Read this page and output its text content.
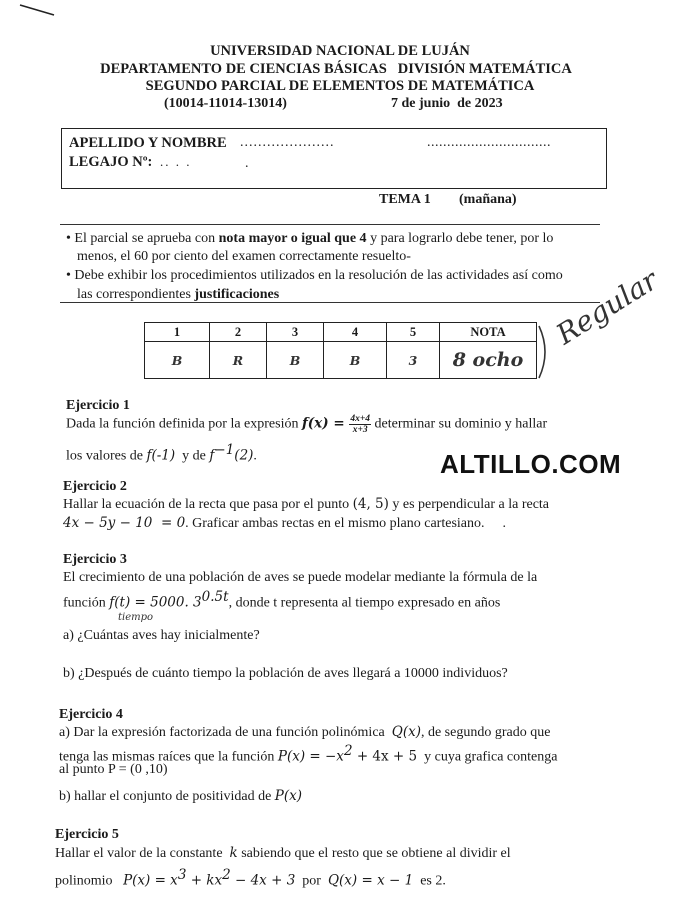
UNIVERSIDAD NACIONAL DE LUJÁN
DEPARTAMENTO DE CIENCIAS BÁSICAS   DIVISIÓN MATEMÁTICA
SEGUNDO PARCIAL DE ELEMENTOS DE MATEMÁTICA
(10014-11014-13014)	7 de junio  de 2023
APELLIDO Y NOMBRE .....................	...............................
LEGAJO Nº: .. . .	.
TEMA 1 (mañana)
• El parcial se aprueba con nota mayor o igual que 4 y para lograrlo debe tener, por lo
menos, el 60 por ciento del examen correctamente resuelto-
• Debe exhibir los procedimientos utilizados en la resolución de las actividades así como
las correspondientes justificaciones
1	2	3	4	5	NOTA
B	R	B	B	3	8 ocho
Regular
Ejercicio 1
Dada la función definida por la expresión $f(x) = \frac{4x+4}{x+3}$ determinar su dominio y hallar
los valores de f(-1)  y de $f^{-1}(2)$.	ALTILLO.COM
Ejercicio 2
Hallar la ecuación de la recta que pasa por el punto (4, 5) y es perpendicular a la recta
4x − 5y − 10  = 0. Graficar ambas rectas en el mismo plano cartesiano. .
Ejercicio 3
El crecimiento de una población de aves se puede modelar mediante la fórmula de la
función f(t) = 5000. $3^{0.5t}$, donde t representa al tiempo expresado en años
tiempo
a) ¿Cuántas aves hay inicialmente?
b) ¿Después de cuánto tiempo la población de aves llegará a 10000 individuos?
Ejercicio 4
a) Dar la expresión factorizada de una función polinómica  Q(x), de segundo grado que
tenga las mismas raíces que la función $P(x) = -x^2 + 4x + 5$  y cuya grafica contenga
al punto P = (0 ,10)
b) hallar el conjunto de positividad de P(x)
Ejercicio 5
Hallar el valor de la constante  k sabiendo que el resto que se obtiene al dividir el
polinomio   $P(x) = x^3 + kx^2 - 4x + 3$  por  Q(x) = x − 1  es 2.
